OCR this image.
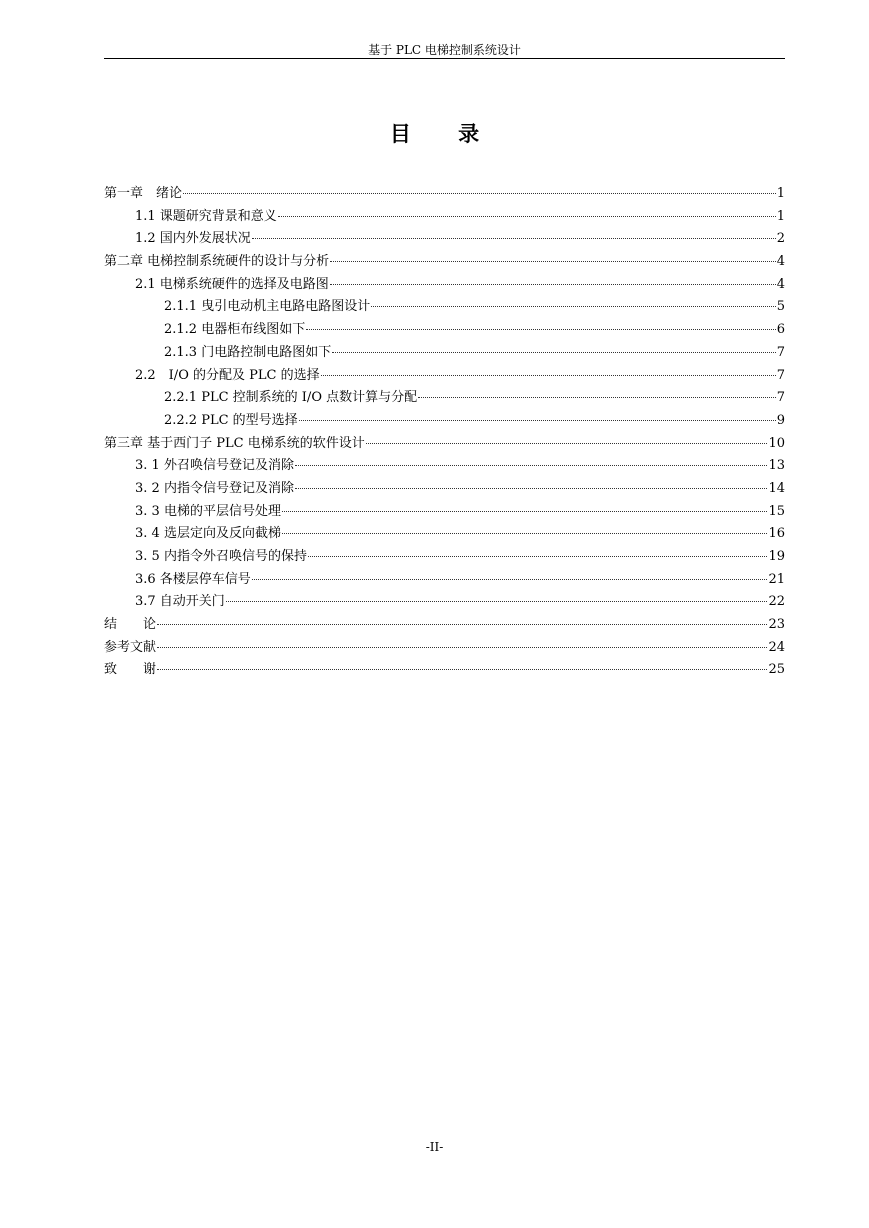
基于 PLC 电梯控制系统设计
目 录
第一章　绪论	1
1.1 课题研究背景和意义	1
1.2 国内外发展状况	2
第二章 电梯控制系统硬件的设计与分析	4
2.1 电梯系统硬件的选择及电路图	4
2.1.1 曳引电动机主电路电路图设计	5
2.1.2 电器柜布线图如下	6
2.1.3 门电路控制电路图如下	7
2.2　I/O 的分配及 PLC 的选择	7
2.2.1 PLC 控制系统的 I/O 点数计算与分配	7
2.2.2 PLC 的型号选择	9
第三章 基于西门子 PLC 电梯系统的软件设计	10
3. 1 外召唤信号登记及消除	13
3. 2 内指令信号登记及消除	14
3. 3 电梯的平层信号处理	15
3. 4 选层定向及反向截梯	16
3. 5 内指令外召唤信号的保持	19
3.6 各楼层停车信号	21
3.7 自动开关门	22
结　　论	23
参考文献	24
致　　谢	25
-II-
